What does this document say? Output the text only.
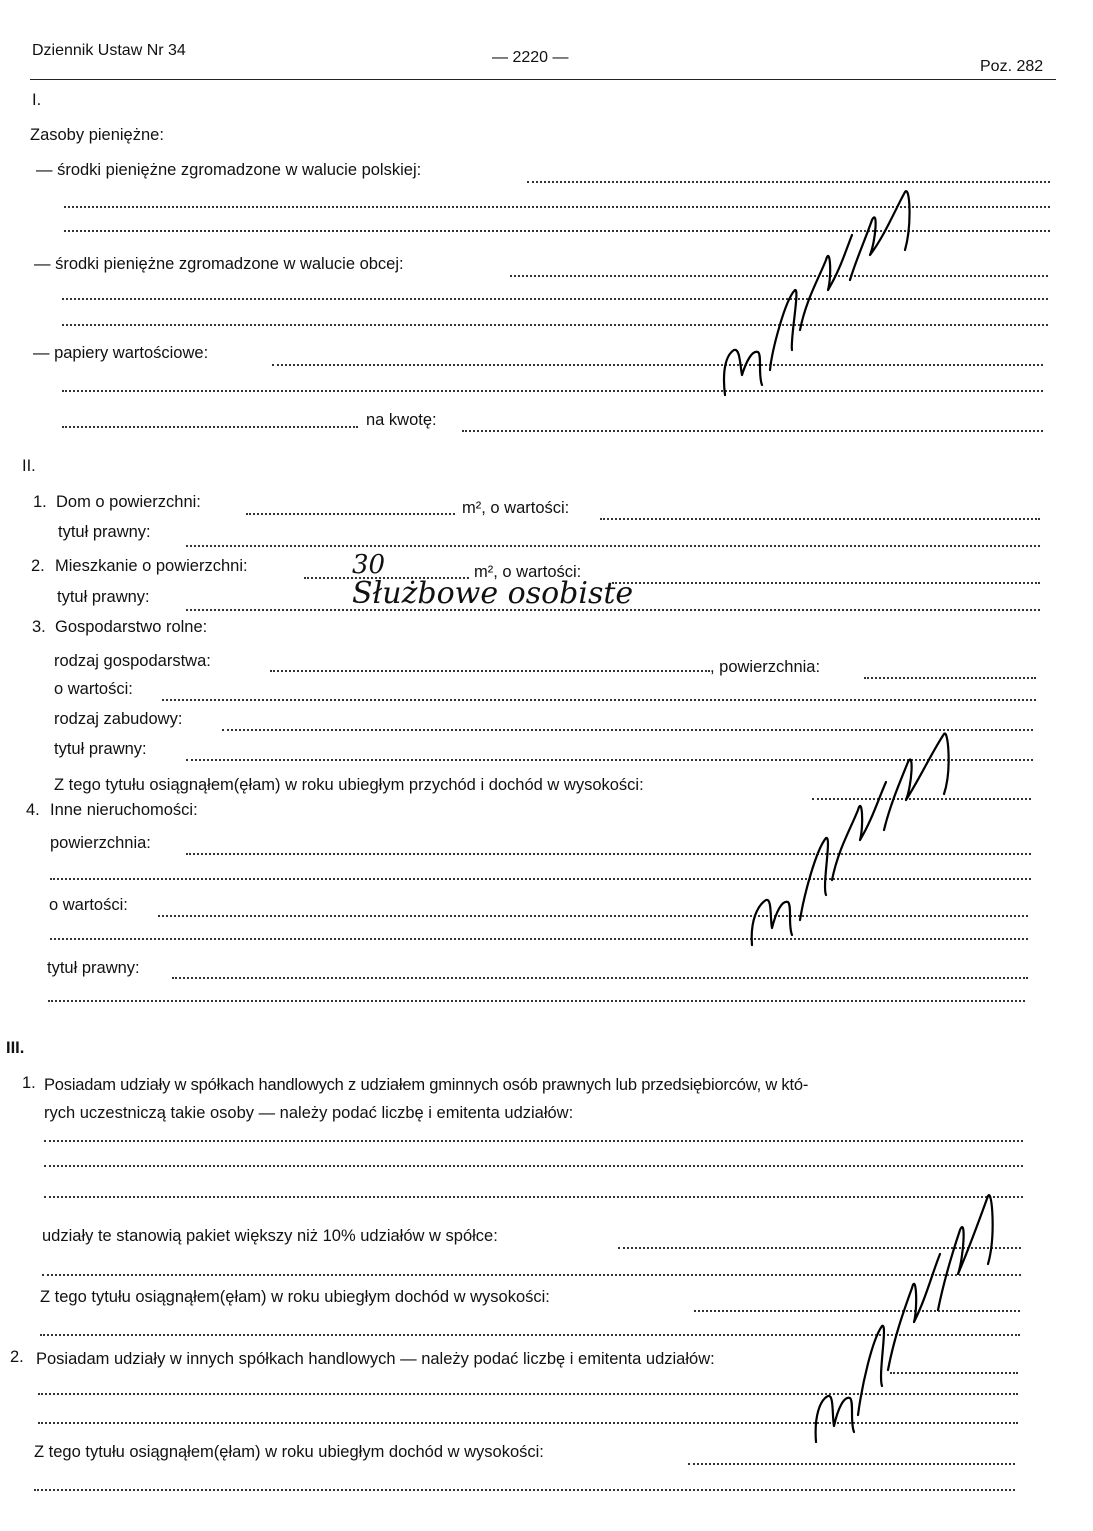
Dziennik Ustaw Nr 34	— 2220 —
Poz. 282
I.
Zasoby pieniężne:
— środki pieniężne zgromadzone w walucie polskiej:
— środki pieniężne zgromadzone w walucie obcej:
— papiery wartościowe:
na kwotę:
II.
1. Dom o powierzchni:	m², o wartości:
tytuł prawny:
2. Mieszkanie o powierzchni:	30	m², o wartości:
tytuł prawny:	Służbowe osobiste
3. Gospodarstwo rolne:
rodzaj gospodarstwa:	, powierzchnia:
o wartości:
rodzaj zabudowy:
tytuł prawny:
Z tego tytułu osiągnąłem(ęłam) w roku ubiegłym przychód i dochód w wysokości:
4. Inne nieruchomości:
powierzchnia:
o wartości:
tytuł prawny:
III.
1. Posiadam udziały w spółkach handlowych z udziałem gminnych osób prawnych lub przedsiębiorców, w któ-
rych uczestniczą takie osoby — należy podać liczbę i emitenta udziałów:
udziały te stanowią pakiet większy niż 10% udziałów w spółce:
Z tego tytułu osiągnąłem(ęłam) w roku ubiegłym dochód w wysokości:
2. Posiadam udziały w innych spółkach handlowych — należy podać liczbę i emitenta udziałów:
Z tego tytułu osiągnąłem(ęłam) w roku ubiegłym dochód w wysokości:
